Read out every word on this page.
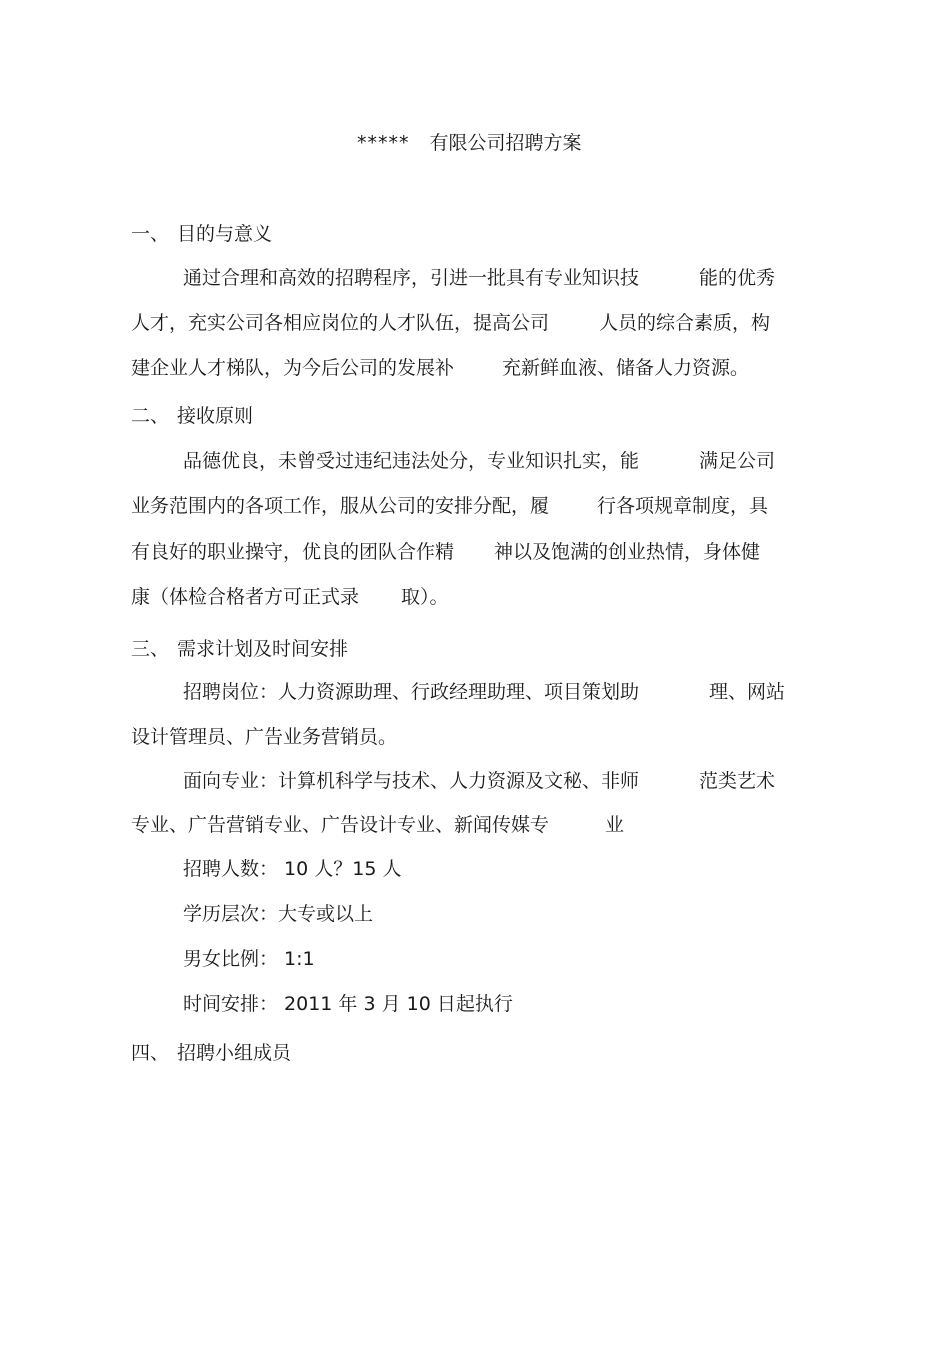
***** 有限公司招聘方案
一、 目的与意义
通过合理和高效的招聘程序，引进一批具有专业知识技	能的优秀
人才，充实公司各相应岗位的人才队伍，提高公司	人员的综合素质，构
建企业人才梯队，为今后公司的发展补	充新鲜血液、储备人力资源。
二、 接收原则
品德优良，未曾受过违纪违法处分，专业知识扎实，能	满足公司
业务范围内的各项工作，服从公司的安排分配，履	行各项规章制度，具
有良好的职业操守，优良的团队合作精 神以及饱满的创业热情，身体健
康（体检合格者方可正式录 取）。
三、 需求计划及时间安排
招聘岗位：人力资源助理、行政经理助理、项目策划助	理、网站
设计管理员、广告业务营销员。
面向专业：计算机科学与技术、人力资源及文秘、非师	范类艺术
专业、广告营销专业、广告设计专业、新闻传媒专	业
招聘人数： 10 人？15 人
学历层次：大专或以上
男女比例： 1:1
时间安排： 2011 年 3 月 10 日起执行
四、 招聘小组成员
